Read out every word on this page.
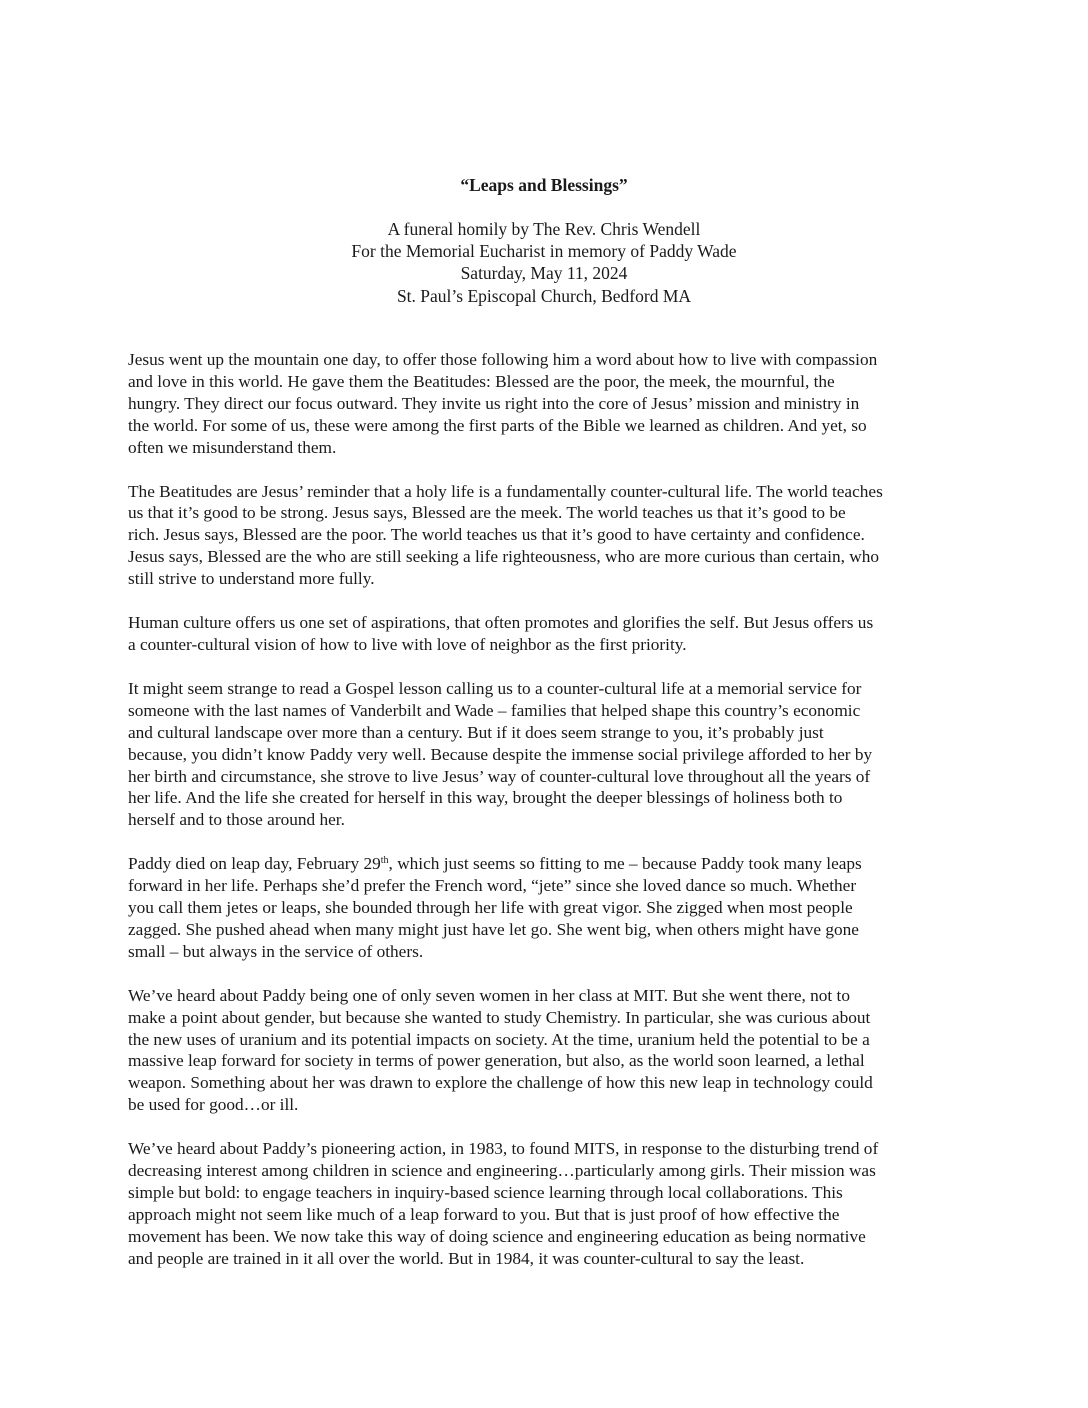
“Leaps and Blessings”
A funeral homily by The Rev. Chris Wendell
For the Memorial Eucharist in memory of Paddy Wade
Saturday, May 11, 2024
St. Paul’s Episcopal Church, Bedford MA
Jesus went up the mountain one day, to offer those following him a word about how to live with compassion
and love in this world. He gave them the Beatitudes: Blessed are the poor, the meek, the mournful, the
hungry. They direct our focus outward. They invite us right into the core of Jesus’ mission and ministry in
the world. For some of us, these were among the first parts of the Bible we learned as children. And yet, so
often we misunderstand them.
The Beatitudes are Jesus’ reminder that a holy life is a fundamentally counter-cultural life. The world teaches
us that it’s good to be strong. Jesus says, Blessed are the meek. The world teaches us that it’s good to be
rich. Jesus says, Blessed are the poor. The world teaches us that it’s good to have certainty and confidence.
Jesus says, Blessed are the who are still seeking a life righteousness, who are more curious than certain, who
still strive to understand more fully.
Human culture offers us one set of aspirations, that often promotes and glorifies the self. But Jesus offers us
a counter-cultural vision of how to live with love of neighbor as the first priority.
It might seem strange to read a Gospel lesson calling us to a counter-cultural life at a memorial service for
someone with the last names of Vanderbilt and Wade – families that helped shape this country’s economic
and cultural landscape over more than a century. But if it does seem strange to you, it’s probably just
because, you didn’t know Paddy very well. Because despite the immense social privilege afforded to her by
her birth and circumstance, she strove to live Jesus’ way of counter-cultural love throughout all the years of
her life. And the life she created for herself in this way, brought the deeper blessings of holiness both to
herself and to those around her.
Paddy died on leap day, February 29th, which just seems so fitting to me – because Paddy took many leaps
forward in her life. Perhaps she’d prefer the French word, “jete” since she loved dance so much. Whether
you call them jetes or leaps, she bounded through her life with great vigor. She zigged when most people
zagged. She pushed ahead when many might just have let go. She went big, when others might have gone
small – but always in the service of others.
We’ve heard about Paddy being one of only seven women in her class at MIT. But she went there, not to
make a point about gender, but because she wanted to study Chemistry. In particular, she was curious about
the new uses of uranium and its potential impacts on society. At the time, uranium held the potential to be a
massive leap forward for society in terms of power generation, but also, as the world soon learned, a lethal
weapon. Something about her was drawn to explore the challenge of how this new leap in technology could
be used for good…or ill.
We’ve heard about Paddy’s pioneering action, in 1983, to found MITS, in response to the disturbing trend of
decreasing interest among children in science and engineering…particularly among girls. Their mission was
simple but bold: to engage teachers in inquiry-based science learning through local collaborations. This
approach might not seem like much of a leap forward to you. But that is just proof of how effective the
movement has been. We now take this way of doing science and engineering education as being normative
and people are trained in it all over the world. But in 1984, it was counter-cultural to say the least.
